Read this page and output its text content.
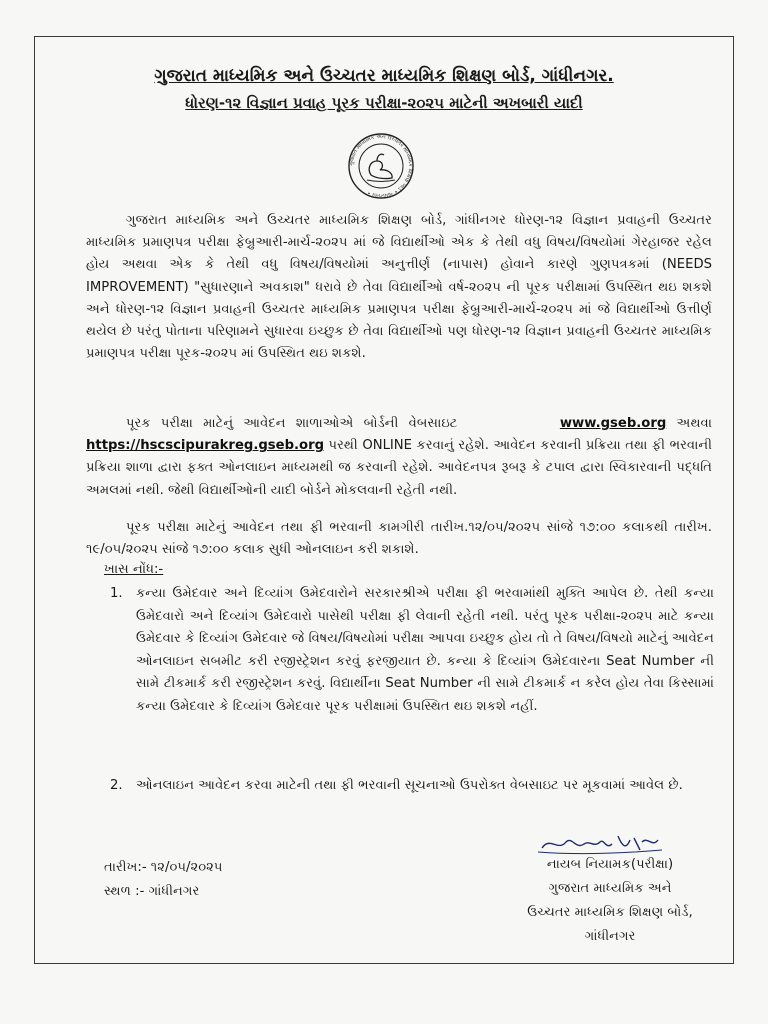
ગુજરાત માધ્યમિક અને ઉચ્ચતર માધ્યમિક શિક્ષણ બોર્ડ, ગાંધીનગર.
ધોરણ-૧૨ વિજ્ઞાન પ્રવાહ પૂરક પરીક્ષા-૨૦૨૫ માટેની અખબારી યાદી
ગુજરાત માધ્યમિક અને ઉચ્ચતર માધ્યમિક શિક્ષણ બોર્ડ • ગાંધીનગર •
ગુજરાત માધ્યમિક અને ઉચ્ચતર માધ્યમિક શિક્ષણ બોર્ડ, ગાંધીનગર ધોરણ-૧૨ વિજ્ઞાન પ્રવાહની ઉચ્ચતર માધ્યમિક પ્રમાણપત્ર પરીક્ષા ફેબ્રુઆરી-માર્ચ-૨૦૨૫ માં જે વિદ્યાર્થીઓ એક કે તેથી વધુ વિષય/વિષયોમાં ગેરહાજર રહેલ હોય અથવા એક કે તેથી વધુ વિષય/વિષયોમાં અનુત્તીર્ણ (નાપાસ) હોવાને કારણે ગુણપત્રકમાં (NEEDS IMPROVEMENT) "સુધારણાને અવકાશ" ધરાવે છે તેવા વિદ્યાર્થીઓ વર્ષ-૨૦૨૫ ની પૂરક પરીક્ષામાં ઉપસ્થિત થઇ શકશે અને ધોરણ-૧૨ વિજ્ઞાન પ્રવાહની ઉચ્ચતર માધ્યમિક પ્રમાણપત્ર પરીક્ષા ફેબ્રુઆરી-માર્ચ-૨૦૨૫ માં જે વિદ્યાર્થીઓ ઉત્તીર્ણ થયેલ છે પરંતુ પોતાના પરિણામને સુધારવા ઇચ્છુક છે તેવા વિદ્યાર્થીઓ પણ ધોરણ-૧૨ વિજ્ઞાન પ્રવાહની ઉચ્ચતર માધ્યમિક પ્રમાણપત્ર પરીક્ષા પૂરક-૨૦૨૫ માં ઉપસ્થિત થઇ શકશે.
પૂરક પરીક્ષા માટેનું આવેદન શાળાઓએ બોર્ડની વેબસાઇટ	www.gseb.org અથવા https://hscscipurakreg.gseb.org પરથી ONLINE કરવાનું રહેશે. આવેદન કરવાની પ્રક્રિયા તથા ફી ભરવાની પ્રક્રિયા શાળા દ્વારા ફક્ત ઓનલાઇન માધ્યમથી જ કરવાની રહેશે. આવેદનપત્ર રૂબરૂ કે ટપાલ દ્વારા સ્વિકારવાની પદ્ધતિ અમલમાં નથી. જેથી વિદ્યાર્થીઓની યાદી બોર્ડને મોકલવાની રહેતી નથી.
પૂરક પરીક્ષા માટેનું આવેદન તથા ફી ભરવાની કામગીરી તારીખ.૧૨/૦૫/૨૦૨૫ સાંજે ૧૭:૦૦ કલાકથી તારીખ. ૧૯/૦૫/૨૦૨૫ સાંજે ૧૭:૦૦ કલાક સુધી ઓનલાઇન કરી શકાશે.
ખાસ નોંધ:-
1.	કન્યા ઉમેદવાર અને દિવ્યાંગ ઉમેદવારોને સરકારશ્રીએ પરીક્ષા ફી ભરવામાંથી મુક્તિ આપેલ છે. તેથી કન્યા ઉમેદવારો અને દિવ્યાંગ ઉમેદવારો પાસેથી પરીક્ષા ફી લેવાની રહેતી નથી. પરંતુ પૂરક પરીક્ષા-૨૦૨૫ માટે કન્યા ઉમેદવાર કે દિવ્યાંગ ઉમેદવાર જે વિષય/વિષયોમાં પરીક્ષા આપવા ઇચ્છુક હોય તો તે વિષય/વિષયો માટેનું આવેદન ઓનલાઇન સબમીટ કરી રજીસ્ટ્રેશન કરવું ફરજીયાત છે. કન્યા કે દિવ્યાંગ ઉમેદવારના Seat Number ની સામે ટીકમાર્ક કરી રજીસ્ટ્રેશન કરવું. વિદ્યાર્થીના Seat Number ની સામે ટીકમાર્ક ન કરેલ હોય તેવા કિસ્સામાં કન્યા ઉમેદવાર કે દિવ્યાંગ ઉમેદવાર પૂરક પરીક્ષામાં ઉપસ્થિત થઇ શકશે નહીં.
2.	ઓનલાઇન આવેદન કરવા માટેની તથા ફી ભરવાની સૂચનાઓ ઉપરોક્ત વેબસાઇટ પર મૂકવામાં આવેલ છે.
તારીખ:- ૧૨/૦૫/૨૦૨૫
સ્થળ :- ગાંધીનગર
નાયબ નિયામક(પરીક્ષા)
ગુજરાત માધ્યમિક અને
ઉચ્ચતર માધ્યમિક શિક્ષણ બોર્ડ,
ગાંધીનગર
